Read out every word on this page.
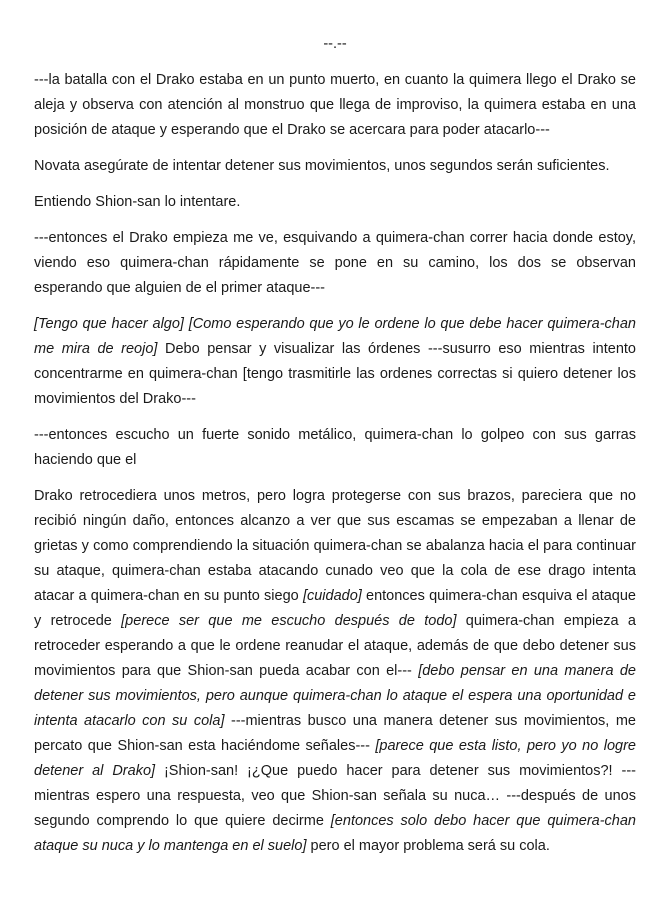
--.--

---la batalla con el Drako estaba en un punto muerto, en cuanto la quimera llego el Drako se aleja y observa con atención al monstruo que llega de improviso, la quimera estaba en una posición de ataque y esperando que el Drako se acercara para poder atacarlo---

Novata asegúrate de intentar detener sus movimientos, unos segundos serán suficientes.

Entiendo Shion-san lo intentare.

---entonces el Drako empieza me ve, esquivando a quimera-chan correr hacia donde estoy, viendo eso quimera-chan rápidamente se pone en su camino, los dos se observan esperando que alguien de el primer ataque---

[Tengo que hacer algo] [Como esperando que yo le ordene lo que debe hacer quimera-chan me mira de reojo] Debo pensar y visualizar las órdenes ---susurro eso mientras intento concentrarme en quimera-chan [tengo trasmitirle las ordenes correctas si quiero detener los movimientos del Drako---

---entonces escucho un fuerte sonido metálico, quimera-chan lo golpeo con sus garras haciendo que el

Drako retrocediera unos metros, pero logra protegerse con sus brazos, pareciera que no recibió ningún daño, entonces alcanzo a ver que sus escamas se empezaban a llenar de grietas y como comprendiendo la situación quimera-chan se abalanza hacia el para continuar su ataque, quimera-chan estaba atacando cunado veo que la cola de ese drago intenta atacar a quimera-chan en su punto siego [cuidado] entonces quimera-chan esquiva el ataque y retrocede [perece ser que me escucho después de todo] quimera-chan empieza a retroceder esperando a que le ordene reanudar el ataque, además de que debo detener sus movimientos para que Shion-san pueda acabar con el--- [debo pensar en una manera de detener sus movimientos, pero aunque quimera-chan lo ataque el espera una oportunidad e intenta atacarlo con su cola] ---mientras busco una manera detener sus movimientos, me percato que Shion-san esta haciéndome señales--- [parece que esta listo, pero yo no logre detener al Drako] ¡Shion-san! ¡¿Que puedo hacer para detener sus movimientos?! ---mientras espero una respuesta, veo que Shion-san señala su nuca… ---después de unos segundo comprendo lo que quiere decirme [entonces solo debo hacer que quimera-chan ataque su nuca y lo mantenga en el suelo] pero el mayor problema será su cola.
